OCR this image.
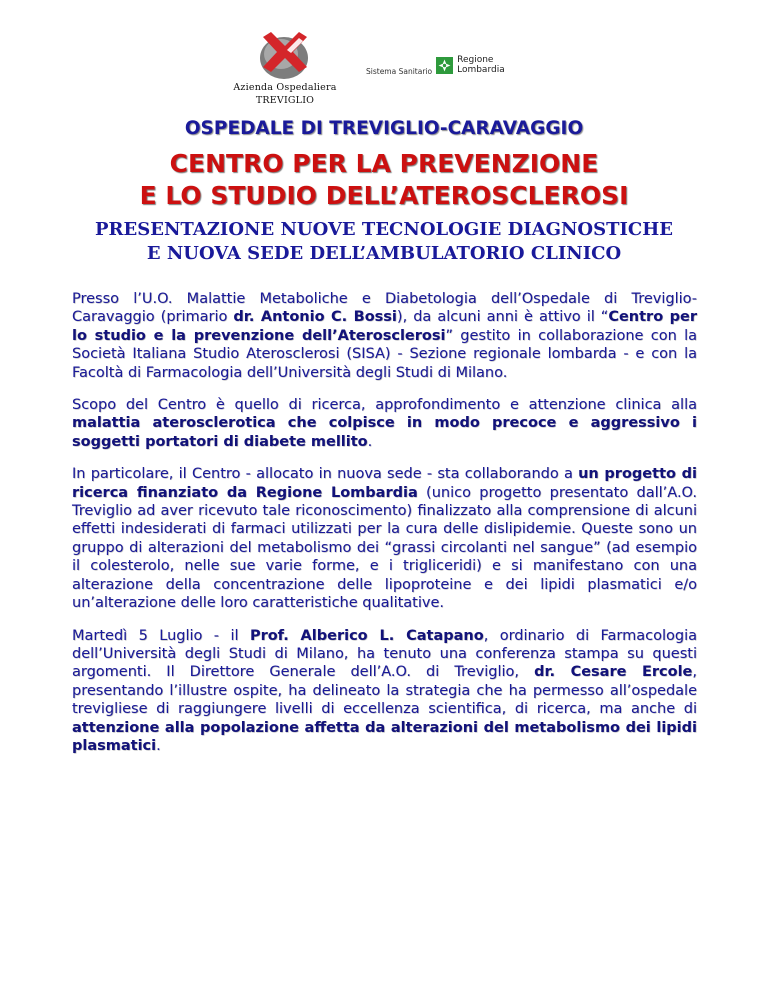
Azienda Ospedaliera
TREVIGLIO
Sistema Sanitario
Regione
Lombardia
OSPEDALE DI TREVIGLIO-CARAVAGGIO
CENTRO PER LA PREVENZIONE
E LO STUDIO DELL’ATEROSCLEROSI
PRESENTAZIONE NUOVE TECNOLOGIE DIAGNOSTICHE
E NUOVA SEDE DELL’AMBULATORIO CLINICO

Presso l’U.O. Malattie Metaboliche e Diabetologia dell’Ospedale di Treviglio-Caravaggio (primario dr. Antonio C. Bossi), da alcuni anni è attivo il “Centro per lo studio e la prevenzione dell’Aterosclerosi” gestito in collaborazione con la Società Italiana Studio Aterosclerosi (SISA) - Sezione regionale lombarda - e con la Facoltà di Farmacologia dell’Università degli Studi di Milano.

Scopo del Centro è quello di ricerca, approfondimento e attenzione clinica alla malattia aterosclerotica che colpisce in modo precoce e aggressivo i soggetti portatori di diabete mellito.

In particolare, il Centro - allocato in nuova sede - sta collaborando a un progetto di ricerca finanziato da Regione Lombardia (unico progetto presentato dall’A.O. Treviglio ad aver ricevuto tale riconoscimento) finalizzato alla comprensione di alcuni effetti indesiderati di farmaci utilizzati per la cura delle dislipidemie. Queste sono un gruppo di alterazioni del metabolismo dei “grassi circolanti nel sangue” (ad esempio il colesterolo, nelle sue varie forme, e i trigliceridi) e si manifestano con una alterazione della concentrazione delle lipoproteine e dei lipidi plasmatici e/o un’alterazione delle loro caratteristiche qualitative.

Martedì 5 Luglio - il Prof. Alberico L. Catapano, ordinario di Farmacologia dell’Università degli Studi di Milano, ha tenuto una conferenza stampa su questi argomenti. Il Direttore Generale dell’A.O. di Treviglio, dr. Cesare Ercole, presentando l’illustre ospite, ha delineato la strategia che ha permesso all’ospedale trevigliese di raggiungere livelli di eccellenza scientifica, di ricerca, ma anche di attenzione alla popolazione affetta da alterazioni del metabolismo dei lipidi plasmatici.
